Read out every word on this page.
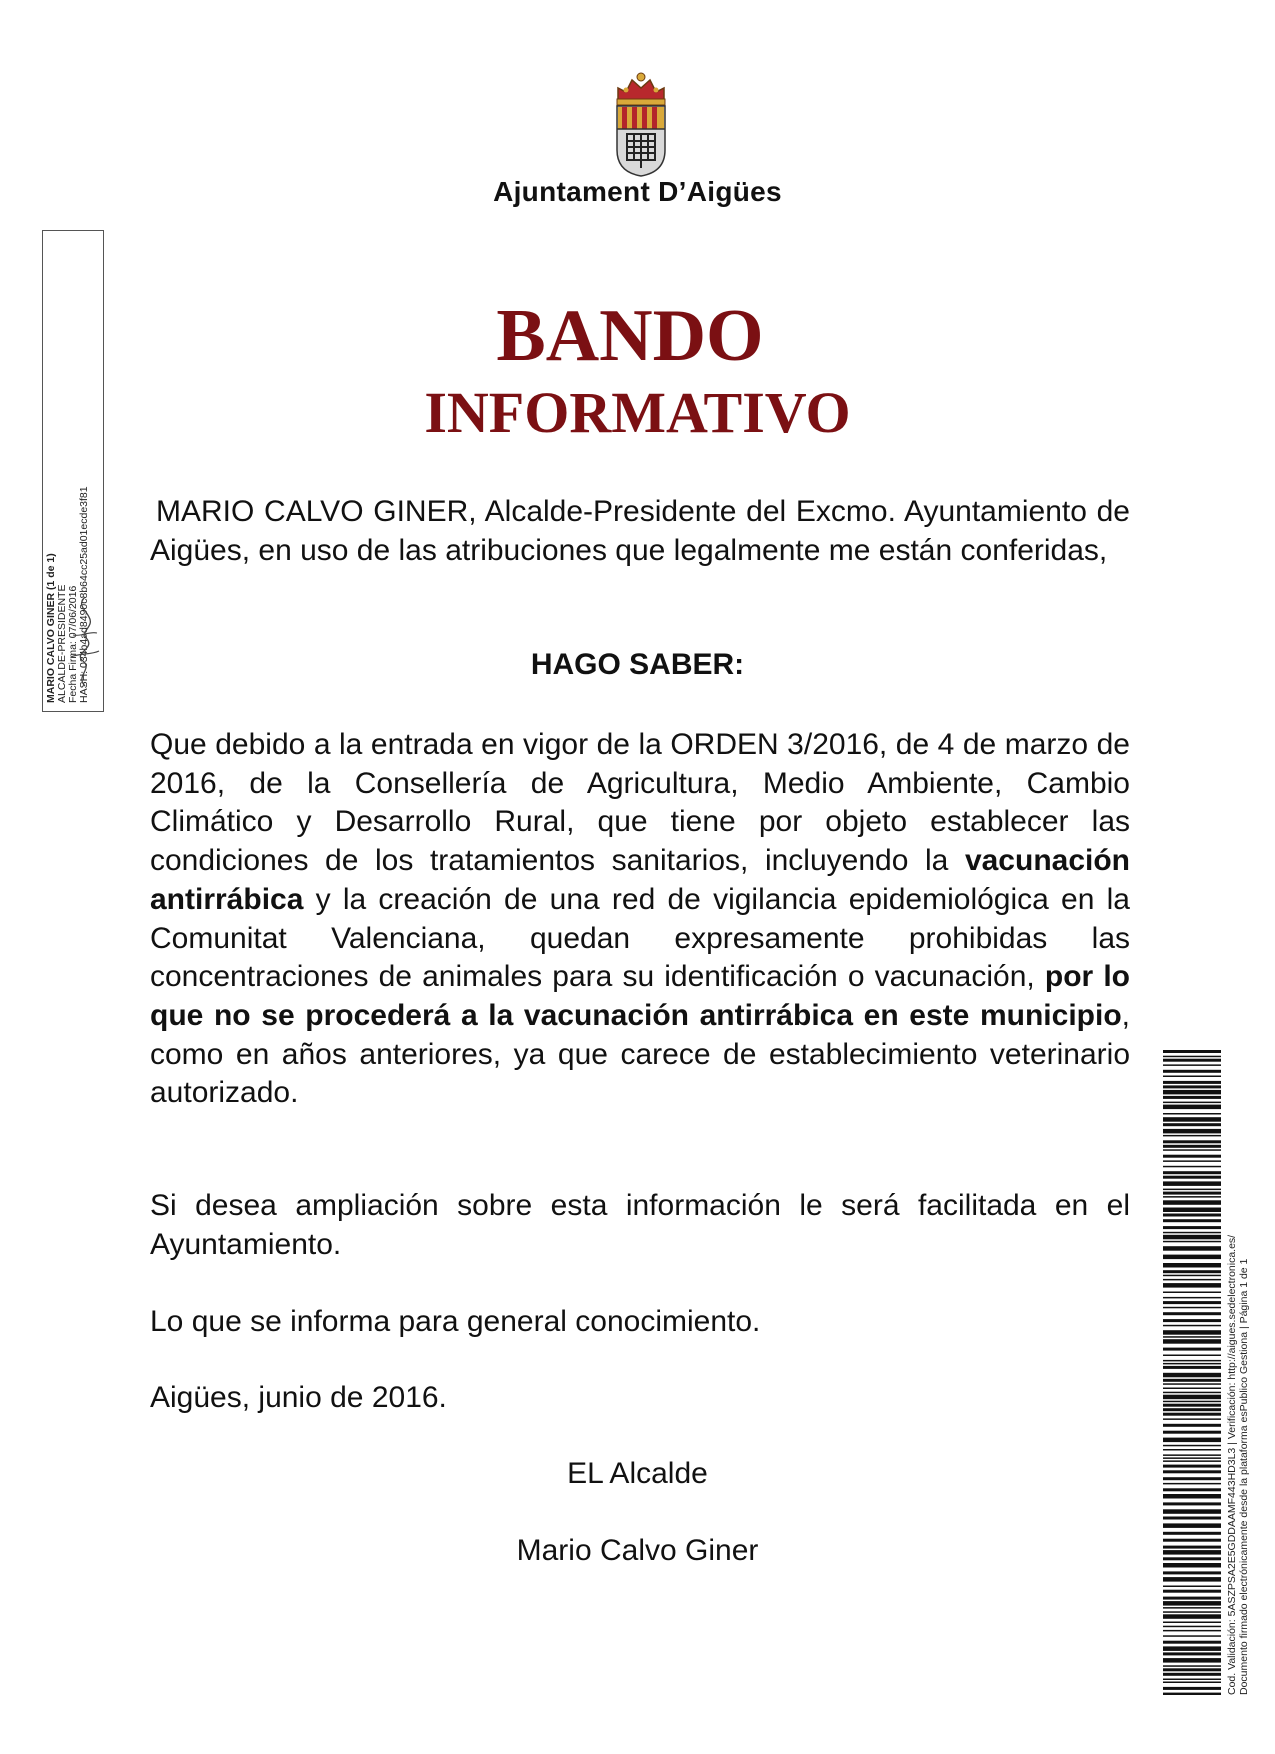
Ajuntament D’Aigües
BANDO
INFORMATIVO
MARIO CALVO GINER, Alcalde-Presidente del Excmo. Ayuntamiento de Aigües, en uso de las atribuciones que legalmente me están conferidas,
HAGO SABER:
Que debido a la entrada en vigor de la ORDEN 3/2016, de 4 de marzo de 2016, de la Consellería de Agricultura, Medio Ambiente, Cambio Climático y Desarrollo Rural, que tiene por objeto establecer las condiciones de los tratamientos sanitarios, incluyendo la vacunación antirrábica y la creación de una red de vigilancia epidemiológica en la Comunitat Valenciana, quedan expresamente prohibidas las concentraciones de animales para su identificación o vacunación, por lo que no se procederá a la vacunación antirrábica en este municipio, como en años anteriores, ya que carece de establecimiento veterinario autorizado.
Si desea ampliación sobre esta información le será facilitada en el Ayuntamiento.
Lo que se informa para general conocimiento.
Aigües, junio de 2016.
EL Alcalde
Mario Calvo Giner
MARIO CALVO GINER (1 de 1) ALCALDE-PRESIDENTE Fecha Firma: 07/06/2016 HASH: 034b4ad8490c8b64cc25ad01ecde3f81
Cod. Validación: 5ASZPSA2E5GDDAAMF443HD3L3 | Verificación: http://aigues.sedelectronica.es/ Documento firmado electrónicamente desde la plataforma esPublico Gestiona | Página 1 de 1
